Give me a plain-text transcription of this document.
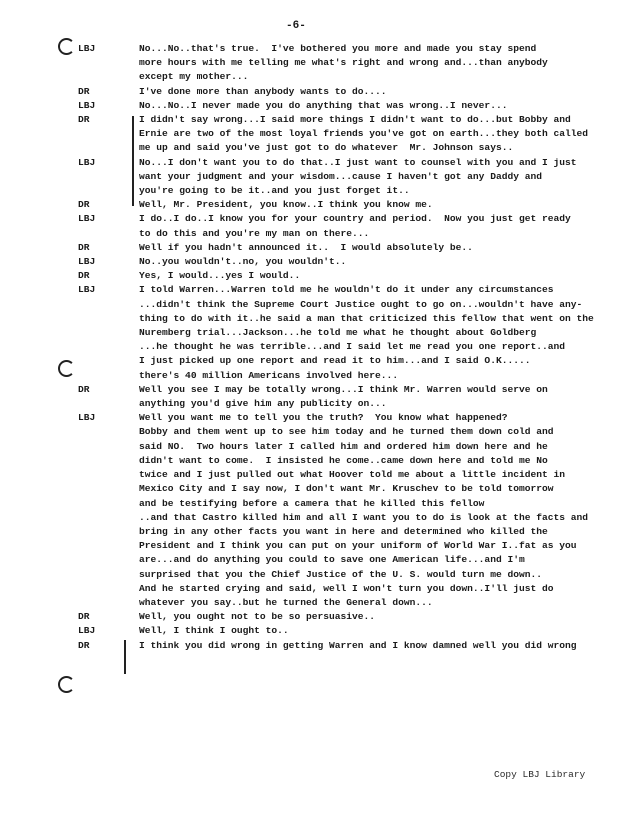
-6-
LBJ	No...No..that's true.  I've bothered you more and made you stay spend
more hours with me telling me what's right and wrong and...than anybody
except my mother...
DR	I've done more than anybody wants to do....
LBJ	No...No..I never made you do anything that was wrong..I never...
DR	I didn't say wrong...I said more things I didn't want to do...but Bobby and
Ernie are two of the most loyal friends you've got on earth...they both called
me up and said you've just got to do whatever  Mr. Johnson says..
LBJ	No...I don't want you to do that..I just want to counsel with you and I just
want your judgment and your wisdom...cause I haven't got any Daddy and
you're going to be it..and you just forget it..
DR	Well, Mr. President, you know..I think you know me.
LBJ	I do..I do..I know you for your country and period.  Now you just get ready
to do this and you're my man on there...
DR	Well if you hadn't announced it..  I would absolutely be..
LBJ	No..you wouldn't..no, you wouldn't..
DR	Yes, I would...yes I would..
LBJ	I told Warren...Warren told me he wouldn't do it under any circumstances
...didn't think the Supreme Court Justice ought to go on...wouldn't have any-
thing to do with it..he said a man that criticized this fellow that went on the
Nuremberg trial...Jackson...he told me what he thought about Goldberg
...he thought he was terrible...and I said let me read you one report..and
I just picked up one report and read it to him...and I said O.K.....
there's 40 million Americans involved here...
DR	Well you see I may be totally wrong...I think Mr. Warren would serve on
anything you'd give him any publicity on...
LBJ	Well you want me to tell you the truth?  You know what happened?
Bobby and them went up to see him today and he turned them down cold and
said NO.  Two hours later I called him and ordered him down here and he
didn't want to come.  I insisted he come..came down here and told me No
twice and I just pulled out what Hoover told me about a little incident in
Mexico City and I say now, I don't want Mr. Kruschev to be told tomorrow
and be testifying before a camera that he killed this fellow
..and that Castro killed him and all I want you to do is look at the facts and
bring in any other facts you want in here and determined who killed the
President and I think you can put on your uniform of World War I..fat as you
are...and do anything you could to save one American life...and I'm
surprised that you the Chief Justice of the U. S. would turn me down..
And he started crying and said, well I won't turn you down..I'll just do
whatever you say..but he turned the General down...
DR	Well, you ought not to be so persuasive..
LBJ	Well, I think I ought to..
DR	I think you did wrong in getting Warren and I know damned well you did wrong
Copy LBJ Library
